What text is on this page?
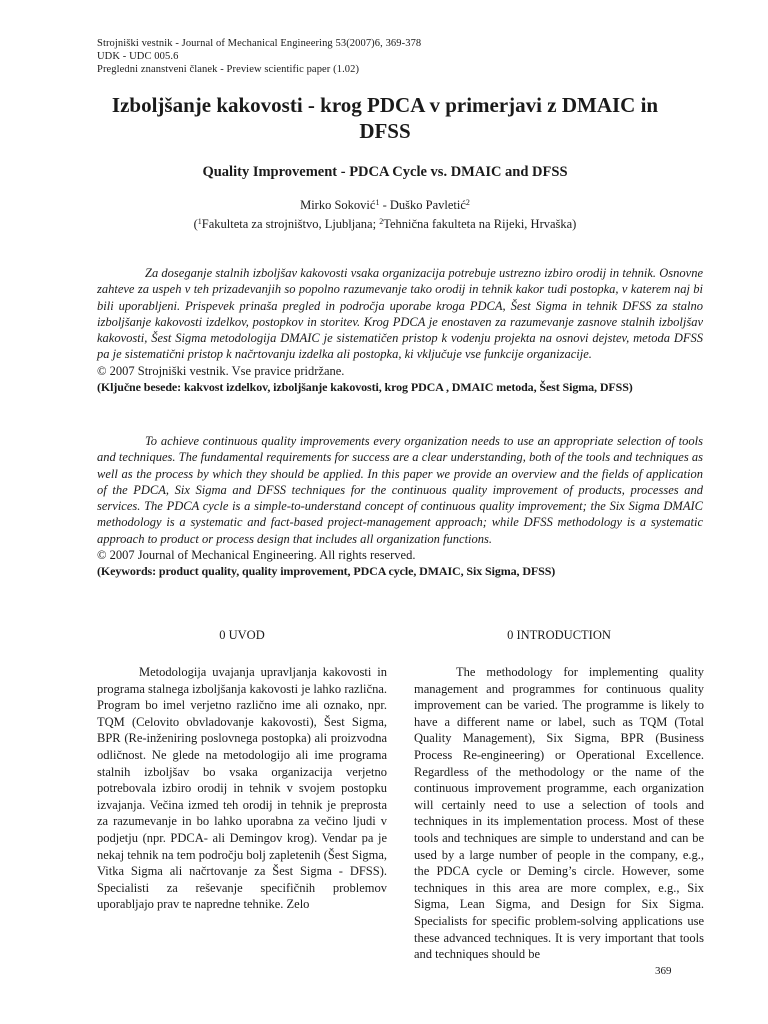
Strojniški vestnik - Journal of Mechanical Engineering 53(2007)6, 369-378
UDK - UDC 005.6
Pregledni znanstveni članek - Preview scientific paper (1.02)
Izboljšanje kakovosti - krog PDCA v primerjavi z DMAIC in DFSS
Quality Improvement - PDCA Cycle vs. DMAIC and DFSS
Mirko Soković$^1$ - Duško Pavletić$^2$
($^1$Fakulteta za strojništvo, Ljubljana; $^2$Tehnična fakulteta na Rijeki, Hrvaška)

Za doseganje stalnih izboljšav kakovosti vsaka organizacija potrebuje ustrezno izbiro orodij in tehnik. Osnovne zahteve za uspeh v teh prizadevanjih so popolno razumevanje tako orodij in tehnik kakor tudi postopka, v katerem naj bi bili uporabljeni. Prispevek prinaša pregled in področja uporabe kroga PDCA, Šest Sigma in tehnik DFSS za stalno izboljšanje kakovosti izdelkov, postopkov in storitev. Krog PDCA je enostaven za razumevanje zasnove stalnih izboljšav kakovosti, Šest Sigma metodologija DMAIC je sistematičen pristop k vodenju projekta na osnovi dejstev, metoda DFSS pa je sistematični pristop k načrtovanju izdelka ali postopka, ki vključuje vse funkcije organizacije.

© 2007 Strojniški vestnik. Vse pravice pridržane.

(Ključne besede: kakvost izdelkov, izboljšanje kakovosti, krog PDCA , DMAIC metoda, Šest Sigma, DFSS)

To achieve continuous quality improvements every organization needs to use an appropriate selection of tools and techniques. The fundamental requirements for success are a clear understanding, both of the tools and techniques as well as the process by which they should be applied. In this paper we provide an overview and the fields of application of the PDCA, Six Sigma and DFSS techniques for the continuous quality improvement of products, processes and services. The PDCA cycle is a simple-to-understand concept of continuous quality improvement; the Six Sigma DMAIC methodology is a systematic and fact-based project-management approach; while DFSS methodology is a systematic approach to product or process design that includes all organization functions.

© 2007 Journal of Mechanical Engineering. All rights reserved.

(Keywords: product quality, quality improvement, PDCA cycle, DMAIC, Six Sigma, DFSS)

0 UVOD

Metodologija uvajanja upravljanja kakovosti in programa stalnega izboljšanja kakovosti je lahko različna. Program bo imel verjetno različno ime ali oznako, npr. TQM (Celovito obvladovanje kakovosti), Šest Sigma, BPR (Re-inženiring poslovnega postopka) ali proizvodna odličnost. Ne glede na metodologijo ali ime programa stalnih izboljšav bo vsaka organizacija verjetno potrebovala izbiro orodij in tehnik v svojem postopku izvajanja. Večina izmed teh orodij in tehnik je preprosta za razumevanje in bo lahko uporabna za večino ljudi v podjetju (npr. PDCA- ali Demingov krog). Vendar pa je nekaj tehnik na tem področju bolj zapletenih (Šest Sigma, Vitka Sigma ali načrtovanje za Šest Sigma - DFSS). Specialisti za reševanje specifičnih problemov uporabljajo prav te napredne tehnike. Zelo

0 INTRODUCTION

The methodology for implementing quality management and programmes for continuous quality improvement can be varied. The programme is likely to have a different name or label, such as TQM (Total Quality Management), Six Sigma, BPR (Business Process Re-engineering) or Operational Excellence. Regardless of the methodology or the name of the continuous improvement programme, each organization will certainly need to use a selection of tools and techniques in its implementation process. Most of these tools and techniques are simple to understand and can be used by a large number of people in the company, e.g., the PDCA cycle or Deming’s circle. However, some techniques in this area are more complex, e.g., Six Sigma, Lean Sigma, and Design for Six Sigma. Specialists for specific problem-solving applications use these advanced techniques. It is very important that tools and techniques should be

369
